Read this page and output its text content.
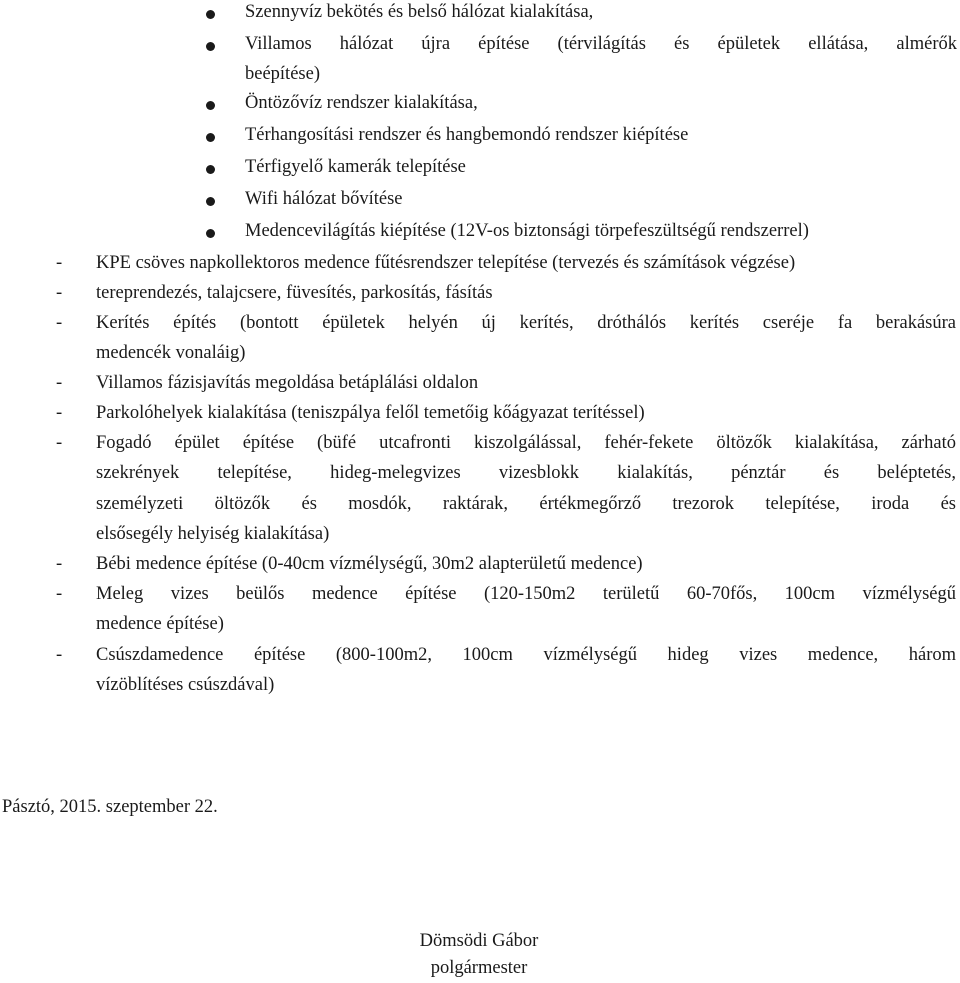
Szennyvíz bekötés és belső hálózat kialakítása,
Villamos hálózat újra építése (térvilágítás és épületek ellátása, almérők
beépítése)
Öntözővíz rendszer kialakítása,
Térhangosítási rendszer és hangbemondó rendszer kiépítése
Térfigyelő kamerák telepítése
Wifi hálózat bővítése
Medencevilágítás kiépítése (12V-os biztonsági törpefeszültségű rendszerrel)
- KPE csöves napkollektoros medence fűtésrendszer telepítése (tervezés és számítások végzése)
- tereprendezés, talajcsere, füvesítés, parkosítás, fásítás
- Kerítés építés (bontott épületek helyén új kerítés, dróthálós kerítés cseréje fa berakásúra
medencék vonaláig)
- Villamos fázisjavítás megoldása betáplálási oldalon
- Parkolóhelyek kialakítása (teniszpálya felől temetőig kőágyazat terítéssel)
- Fogadó épület építése (büfé utcafronti kiszolgálással, fehér-fekete öltözők kialakítása, zárható
szekrények telepítése, hideg-melegvizes vizesblokk kialakítás, pénztár és beléptetés,
személyzeti öltözők és mosdók, raktárak, értékmegőrző trezorok telepítése, iroda és
elsősegély helyiség kialakítása)
- Bébi medence építése (0-40cm vízmélységű, 30m2 alapterületű medence)
- Meleg vizes beülős medence építése (120-150m2 területű 60-70fős, 100cm vízmélységű
medence építése)
- Csúszdamedence építése (800-100m2, 100cm vízmélységű hideg vizes medence, három
vízöblítéses csúszdával)
Pásztó, 2015. szeptember 22.
Dömsödi Gábor
polgármester
